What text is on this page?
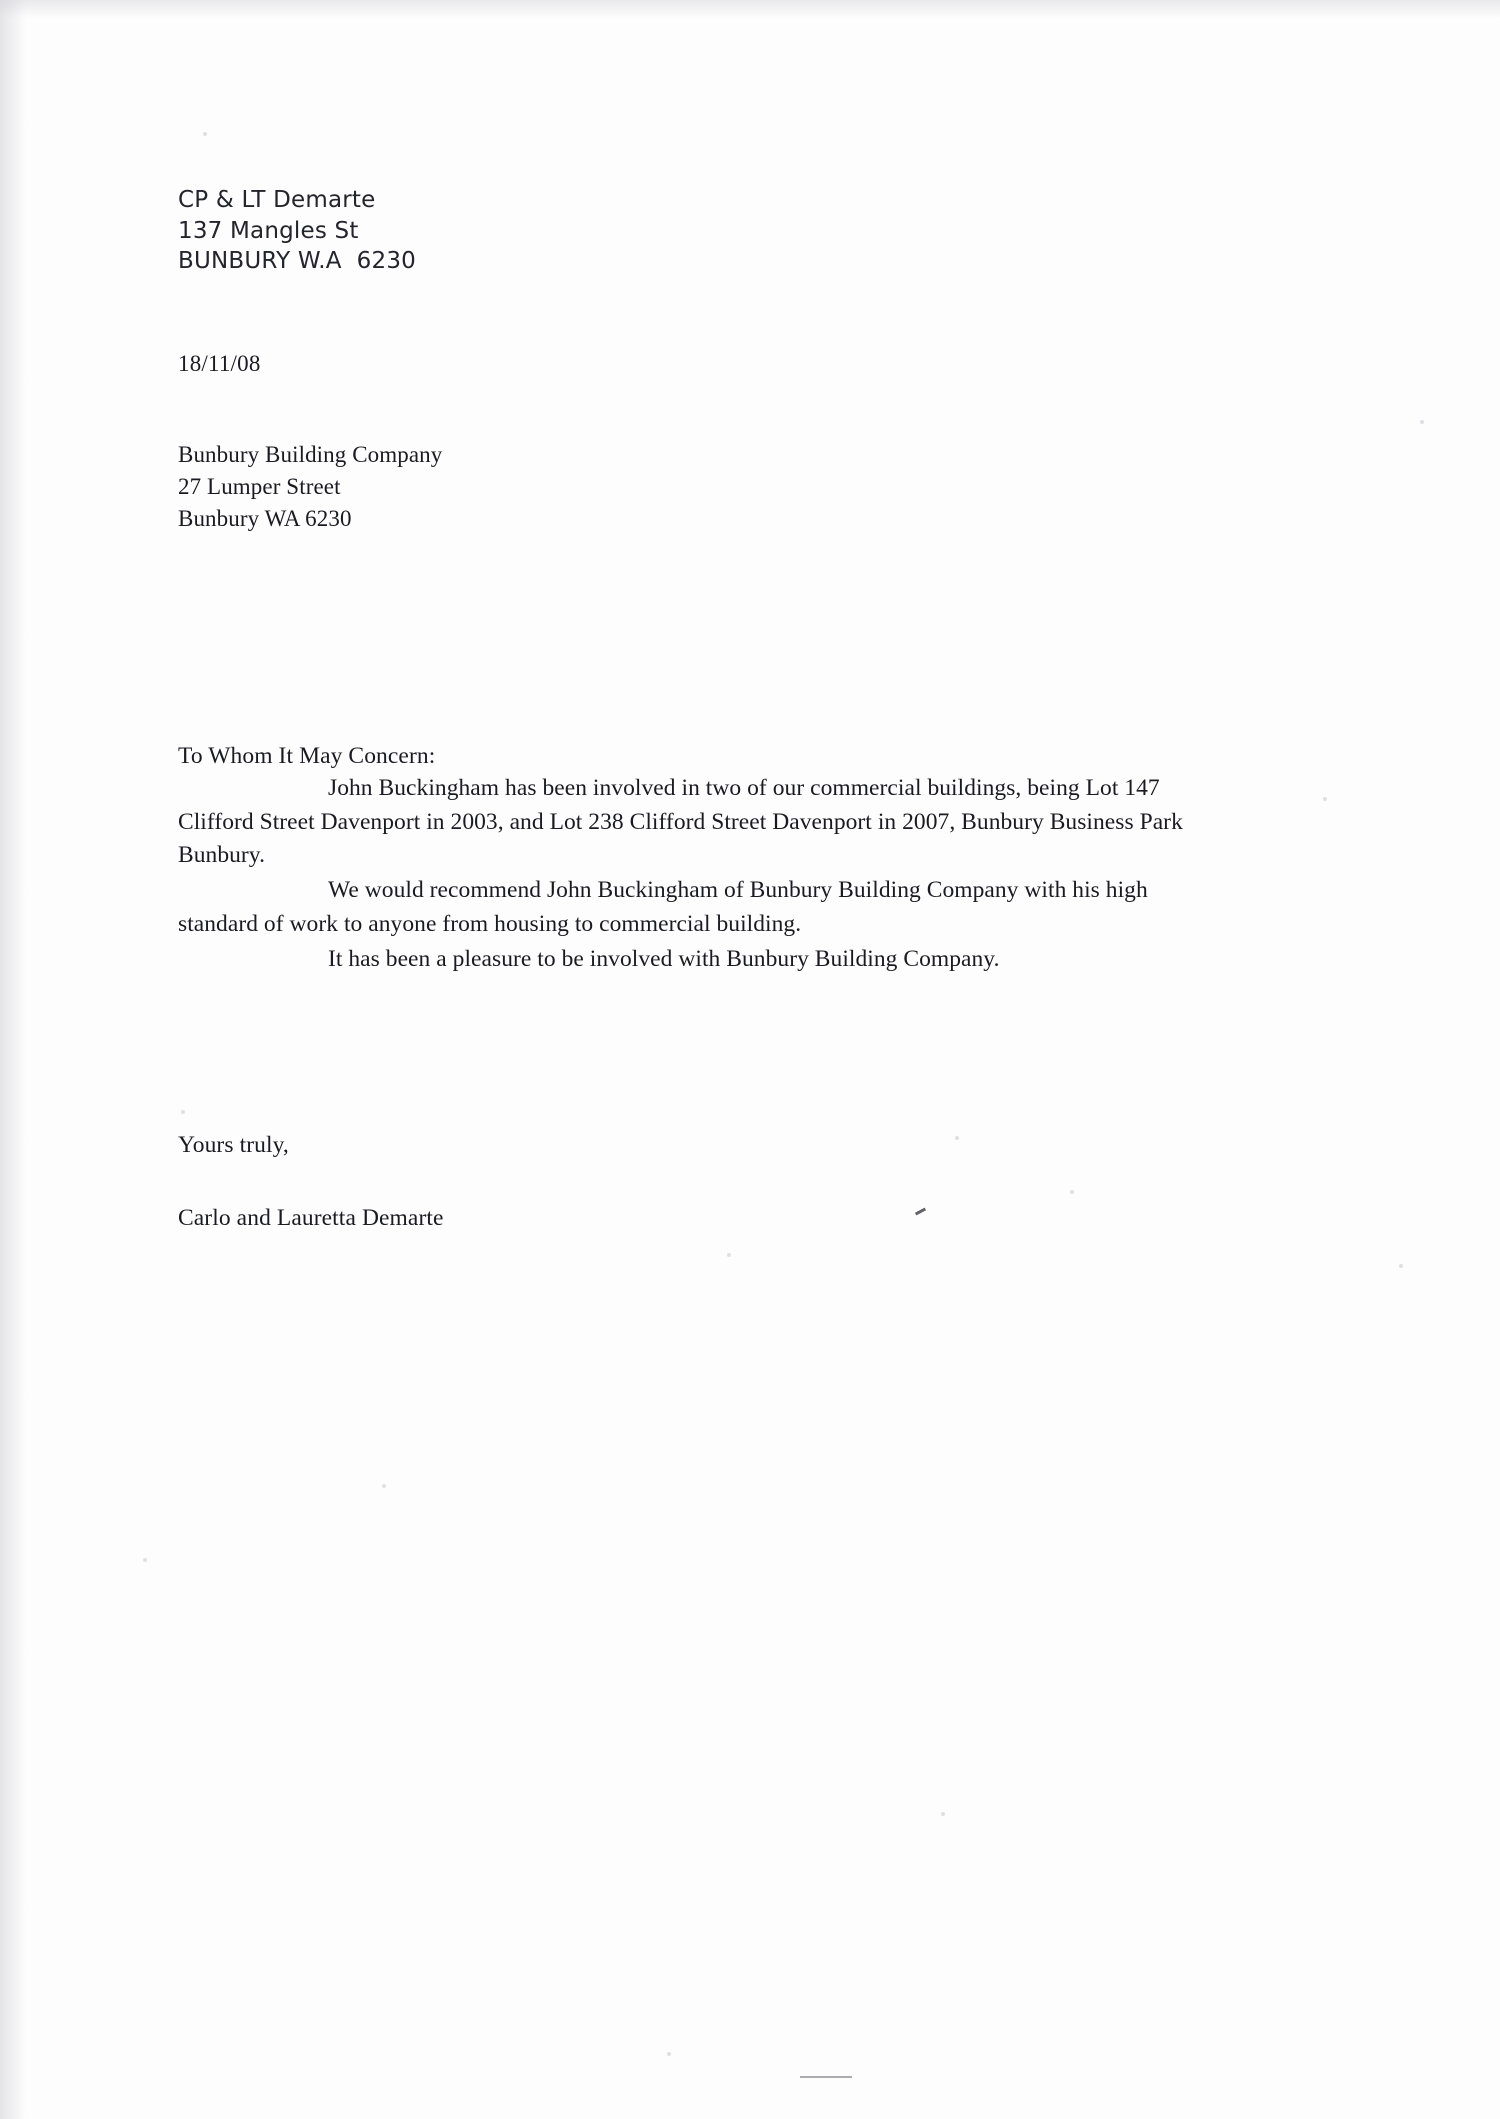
CP & LT Demarte
137 Mangles St
BUNBURY W.A  6230
18/11/08
Bunbury Building Company
27 Lumper Street
Bunbury WA 6230
To Whom It May Concern:
John Buckingham has been involved in two of our commercial buildings, being Lot 147 Clifford Street Davenport in 2003, and Lot 238 Clifford Street Davenport in 2007, Bunbury Business Park Bunbury.
We would recommend John Buckingham of Bunbury Building Company with his high standard of work to anyone from housing to commercial building.
It has been a pleasure to be involved with Bunbury Building Company.
Yours truly,
Carlo and Lauretta Demarte
